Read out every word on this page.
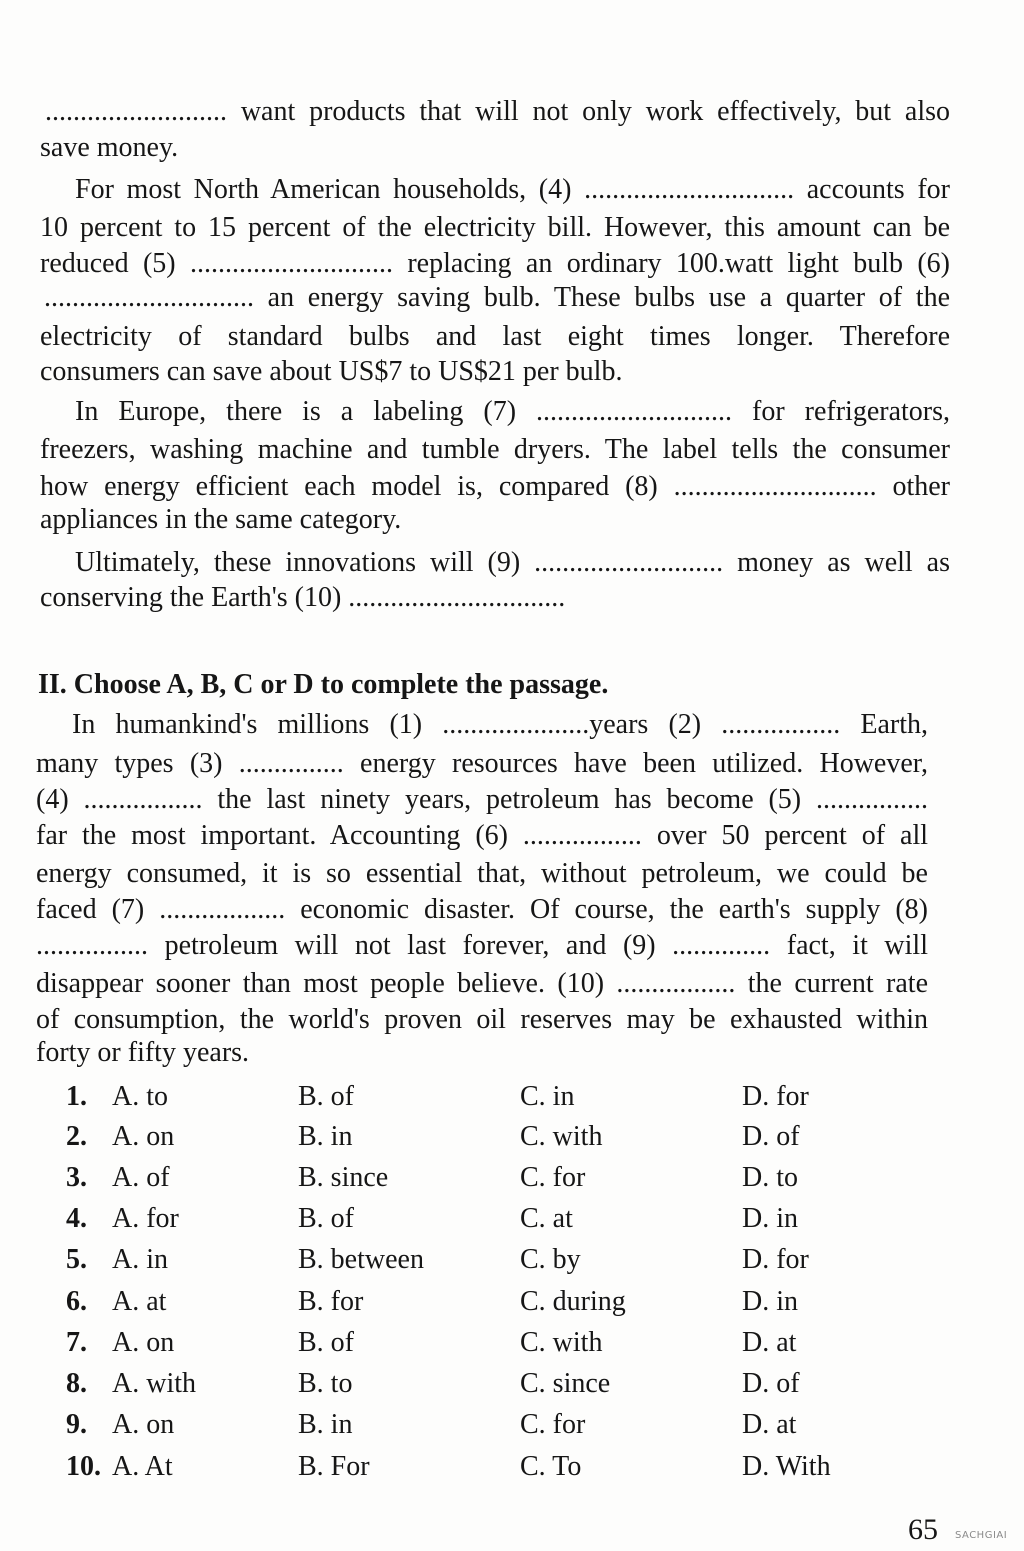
.......................... want products that will not only work effectively, but also
save money.
For most North American households, (4) .............................. accounts for
10 percent to 15 percent of the electricity bill. However, this amount can be
reduced (5) ............................. replacing an ordinary 100.watt light bulb (6)
.............................. an energy saving bulb. These bulbs use a quarter of the
electricity of standard bulbs and last eight times longer. Therefore
consumers can save about US$7 to US$21 per bulb.
In Europe, there is a labeling (7) ............................ for refrigerators,
freezers, washing machine and tumble dryers. The label tells the consumer
how energy efficient each model is, compared (8) ............................. other
appliances in the same category.
Ultimately, these innovations will (9) ........................... money as well as
conserving the Earth's (10) ...............................
II. Choose A, B, C or D to complete the passage.
In humankind's millions (1) .....................years (2) ................. Earth,
many types (3) ............... energy resources have been utilized. However,
(4) ................. the last ninety years, petroleum has become (5) ................
far the most important. Accounting (6) ................. over 50 percent of all
energy consumed, it is so essential that, without petroleum, we could be
faced (7) .................. economic disaster. Of course, the earth's supply (8)
................ petroleum will not last forever, and (9) .............. fact, it will
disappear sooner than most people believe. (10) ................. the current rate
of consumption, the world's proven oil reserves may be exhausted within
forty or fifty years.
1. A. to	B. of	C. in	D. for
2. A. on	B. in	C. with	D. of
3. A. of	B. since	C. for	D. to
4. A. for	B. of	C. at	D. in
5. A. in	B. between	C. by	D. for
6. A. at	B. for	C. during	D. in
7. A. on	B. of	C. with	D. at
8. A. with	B. to	C. since	D. of
9. A. on	B. in	C. for	D. at
10. A. At	B. For	C. To	D. With
65 SACHGIAI
